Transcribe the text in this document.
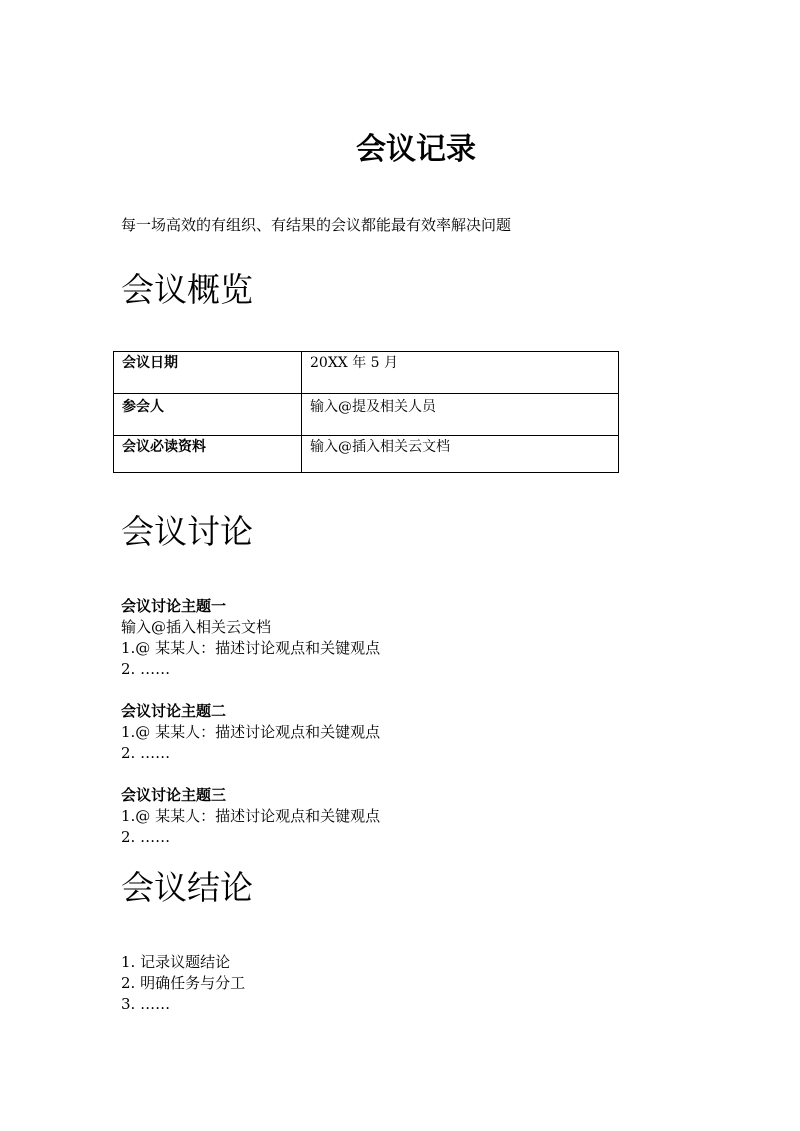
会议记录
每一场高效的有组织、有结果的会议都能最有效率解决问题
会议概览
会议日期	20XX 年 5 月
参会人	输入@提及相关人员
会议必读资料	输入@插入相关云文档
会议讨论
会议讨论主题一
输入@插入相关云文档
1.@ 某某人：描述讨论观点和关键观点
2. ……
会议讨论主题二
1.@ 某某人：描述讨论观点和关键观点
2. ……
会议讨论主题三
1.@ 某某人：描述讨论观点和关键观点
2. ……
会议结论
1. 记录议题结论
2. 明确任务与分工
3. ……
